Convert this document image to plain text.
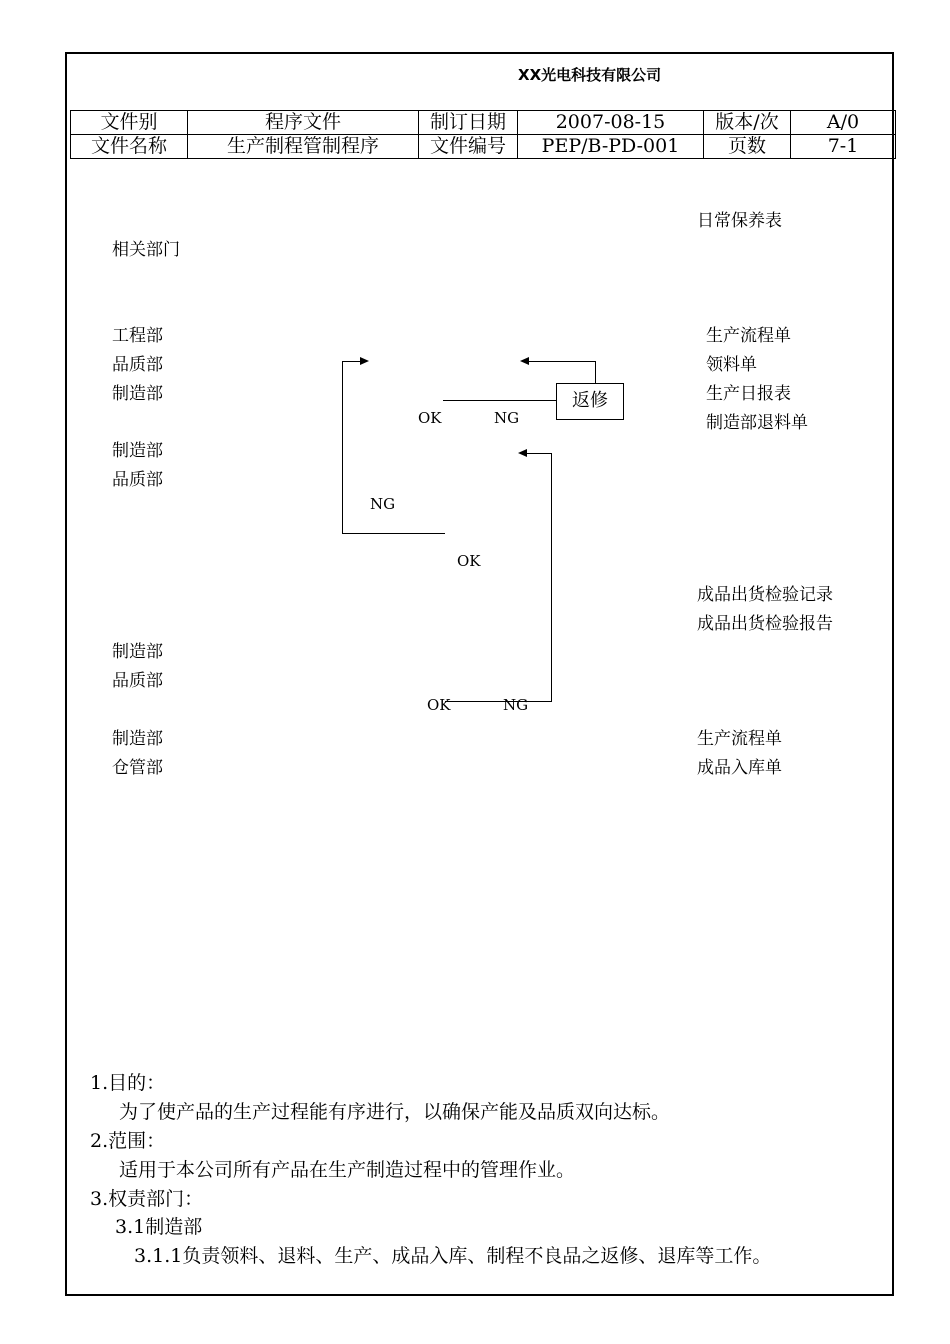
XX光电科技有限公司
文件别	程序文件	制订日期	2007-08-15	版本/次	A/0
文件名称	生产制程管制程序	文件编号	PEP/B-PD-001	页数	7-1
相关部门
工程部
品质部
制造部
制造部
品质部
制造部
品质部
制造部
仓管部
日常保养表
生产流程单
领料单
生产日报表
制造部退料单
成品出货检验记录
成品出货检验报告
生产流程单
成品入库单
返修
OK	NG
NG
OK
OK	NG
1.目的：
为了使产品的生产过程能有序进行，以确保产能及品质双向达标。
2.范围：
适用于本公司所有产品在生产制造过程中的管理作业。
3.权责部门：
3.1制造部
3.1.1负责领料、退料、生产、成品入库、制程不良品之返修、退库等工作。
